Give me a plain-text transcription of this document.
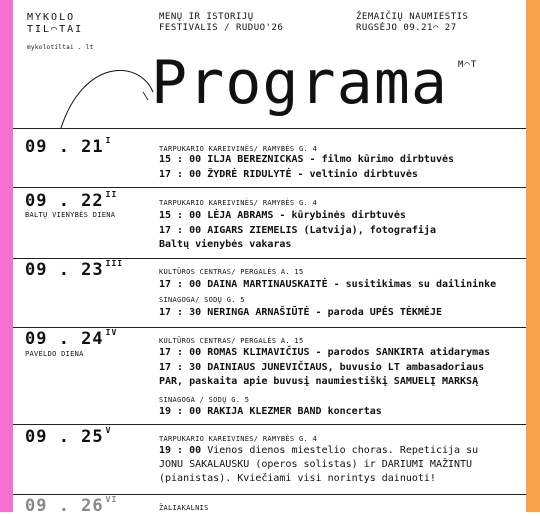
MYKOLO
TIL⌒TAI
mykolotiltai . lt
MENŲ IR ISTORIJŲ
FESTIVALIS / RUDUO'26
ŽEMAIČIŲ NAUMIESTIS
RUGSĖJO 09.21⌒ 27
Programa M⌒T
09 . 21 $^I$
TARPUKARIO KAREIVINĖS/ RAMYBĖS G. 4
15 : 00 ILJA BEREZNICKAS - filmo kūrimo dirbtuvės
17 : 00 ŽYDRĖ RIDULYTĖ - veltinio dirbtuvės
09 . 22 $^{II}$
BALTŲ VIENYBĖS DIENA
TARPUKARIO KAREIVINĖS/ RAMYBĖS G. 4
15 : 00 LĖJA ABRAMS - kūrybinės dirbtuvės
17 : 00 AIGARS ZIEMELIS (Latvija), fotografija
Baltų vienybės vakaras
09 . 23 $^{III}$
KULTŪROS CENTRAS/ PERGALĖS A. 15
17 : 00 DAINA MARTINAUSKAITĖ - susitikimas su dailininke
SINAGOGA/ SODŲ G. 5
17 : 30 NERINGA ARNAŠIŪTĖ - paroda UPĖS TĖKMĖJE
09 . 24 $^{IV}$
PAVELDO DIENA
KULTŪROS CENTRAS/ PERGALĖS A. 15
17 : 00 ROMAS KLIMAVIČIUS - parodos SANKIRTA atidarymas
17 : 30 DAINIAUS JUNEVIČIAUS, buvusio LT ambasadoriaus
PAR, paskaita apie buvusį naumiestiškį SAMUELĮ MARKSĄ
SINAGOGA / SODŲ G. 5
19 : 00 RAKIJA KLEZMER BAND koncertas
09 . 25 $^V$
TARPUKARIO KAREIVINĖS/ RAMYBĖS G. 4
19 : 00 Vienos dienos miestelio choras. Repeticija su
JONU SAKALAUSKU (operos solistas) ir DARIUMI MAŽINTU
(pianistas). Kviečiami visi norintys dainuoti!
09 . 26 $^{VI}$
ŽALIAKALNIS
